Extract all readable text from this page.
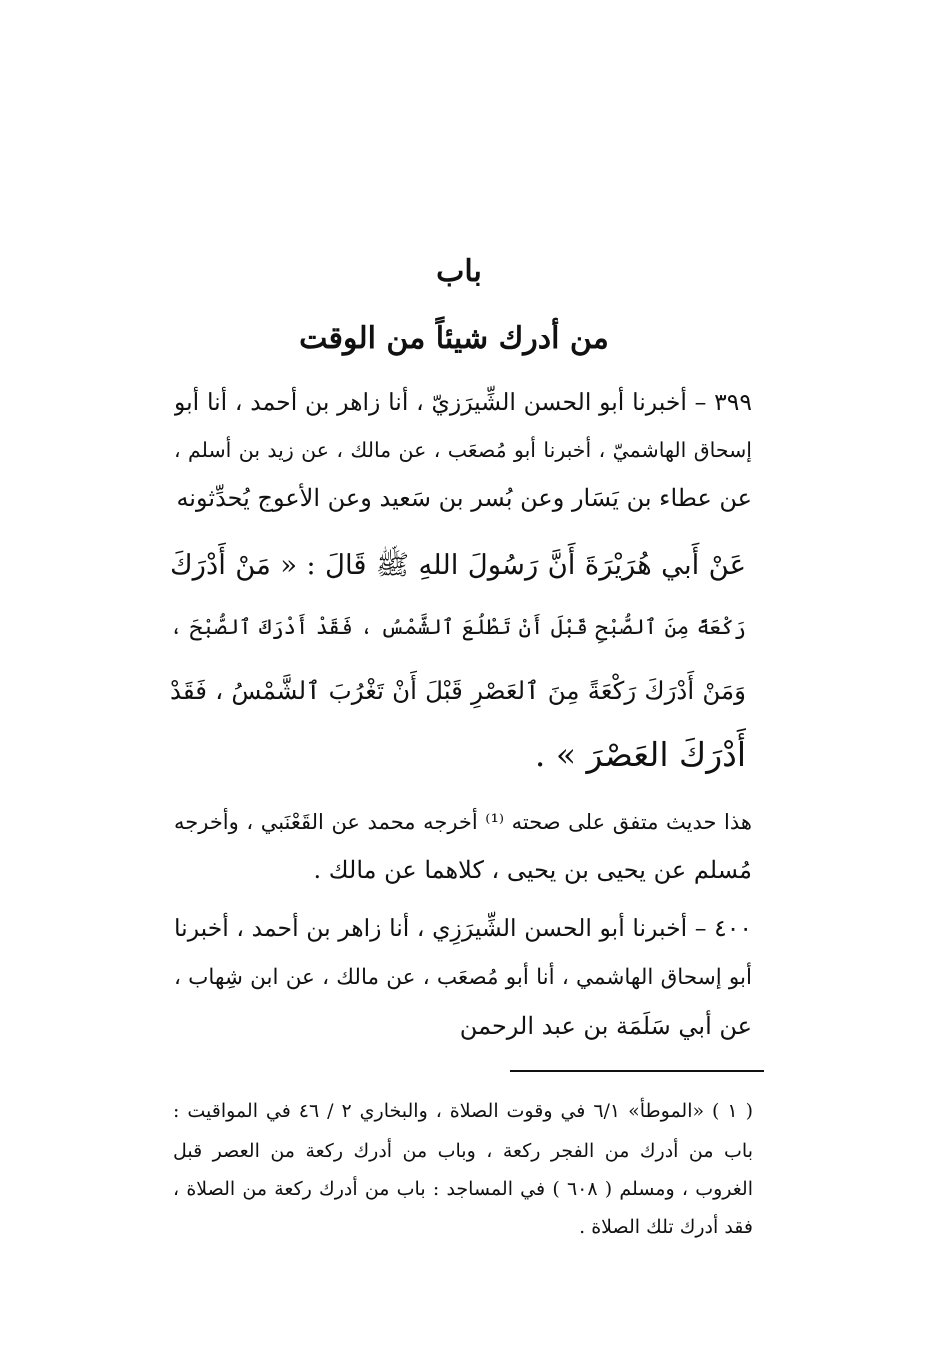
باب
من أدرك شيئاً من الوقت
٣٩٩ – أخبرنا أبو الحسن الشِّيرَزيّ ، أنا زاهر بن أحمد ، أنا أبو
إسحاق الهاشميّ ، أخبرنا أبو مُصعَب ، عن مالك ، عن زيد بن أسلم ،
عن عطاء بن يَسَار وعن بُسر بن سَعيد وعن الأعوج يُحدِّثونه
عَنْ أَبي هُرَيْرَةَ أَنَّ رَسُولَ اللهِ ﷺ قَالَ : « مَنْ أَدْرَكَ
رَكْعَةً مِنَ ٱلصُّبْحِ قَبْلَ أَنْ تَطْلُعَ ٱلشَّمْسُ ، فَقَدْ أَدْرَكَ ٱلصُّبْحَ ،
وَمَنْ أَدْرَكَ رَكْعَةً مِنَ ٱلعَصْرِ قَبْلَ أَنْ تَغْرُبَ ٱلشَّمْسُ ، فَقَدْ
أَدْرَكَ العَصْرَ » .
هذا حديث متفق على صحته ⁽¹⁾ أخرجه محمد عن القَعْنَبي ، وأخرجه
مُسلم عن يحيى بن يحيى ، كلاهما عن مالك .
٤٠٠ – أخبرنا أبو الحسن الشِّيرَزِي ، أنا زاهر بن أحمد ، أخبرنا
أبو إسحاق الهاشمي ، أنا أبو مُصعَب ، عن مالك ، عن ابن شِهاب ،
عن أبي سَلَمَة بن عبد الرحمن
( ١ ) «الموطأ» ٦/١ في وقوت الصلاة ، والبخاري ٢ / ٤٦ في المواقيت :
باب من أدرك من الفجر ركعة ، وباب من أدرك ركعة من العصر قبل
الغروب ، ومسلم ( ٦٠٨ ) في المساجد : باب من أدرك ركعة من الصلاة ،
فقد أدرك تلك الصلاة .
